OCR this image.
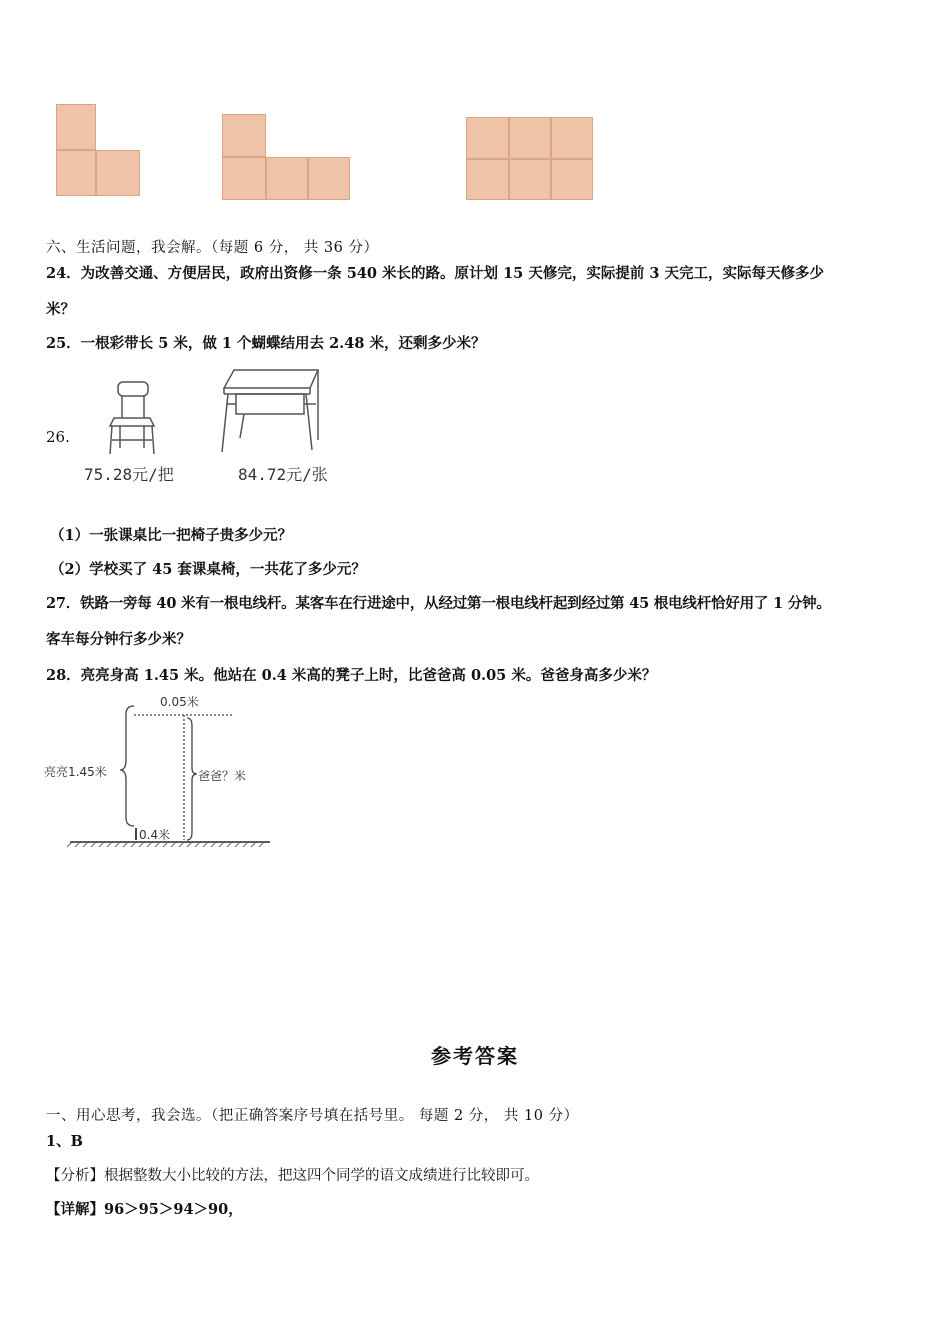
六、生活问题，我会解。（每题 6 分， 共 36 分）
24．为改善交通、方便居民，政府出资修一条 540 米长的路。原计划 15 天修完，实际提前 3 天完工，实际每天修多少
米？
25．一根彩带长 5 米，做 1 个蝴蝶结用去 2.48 米，还剩多少米？
26.
75.28元/把	84.72元/张
（1）一张课桌比一把椅子贵多少元？
（2）学校买了 45 套课桌椅，一共花了多少元？
27．铁路一旁每 40 米有一根电线杆。某客车在行进途中，从经过第一根电线杆起到经过第 45 根电线杆恰好用了 1 分钟。
客车每分钟行多少米？
28．亮亮身高 1.45 米。他站在 0.4 米高的凳子上时，比爸爸高 0.05 米。爸爸身高多少米？
0.05米
亮亮1.45米	爸爸？米
0.4米
参考答案
一、用心思考，我会选。（把正确答案序号填在括号里。 每题 2 分， 共 10 分）
1、B
【分析】根据整数大小比较的方法，把这四个同学的语文成绩进行比较即可。
【详解】96＞95＞94＞90，
